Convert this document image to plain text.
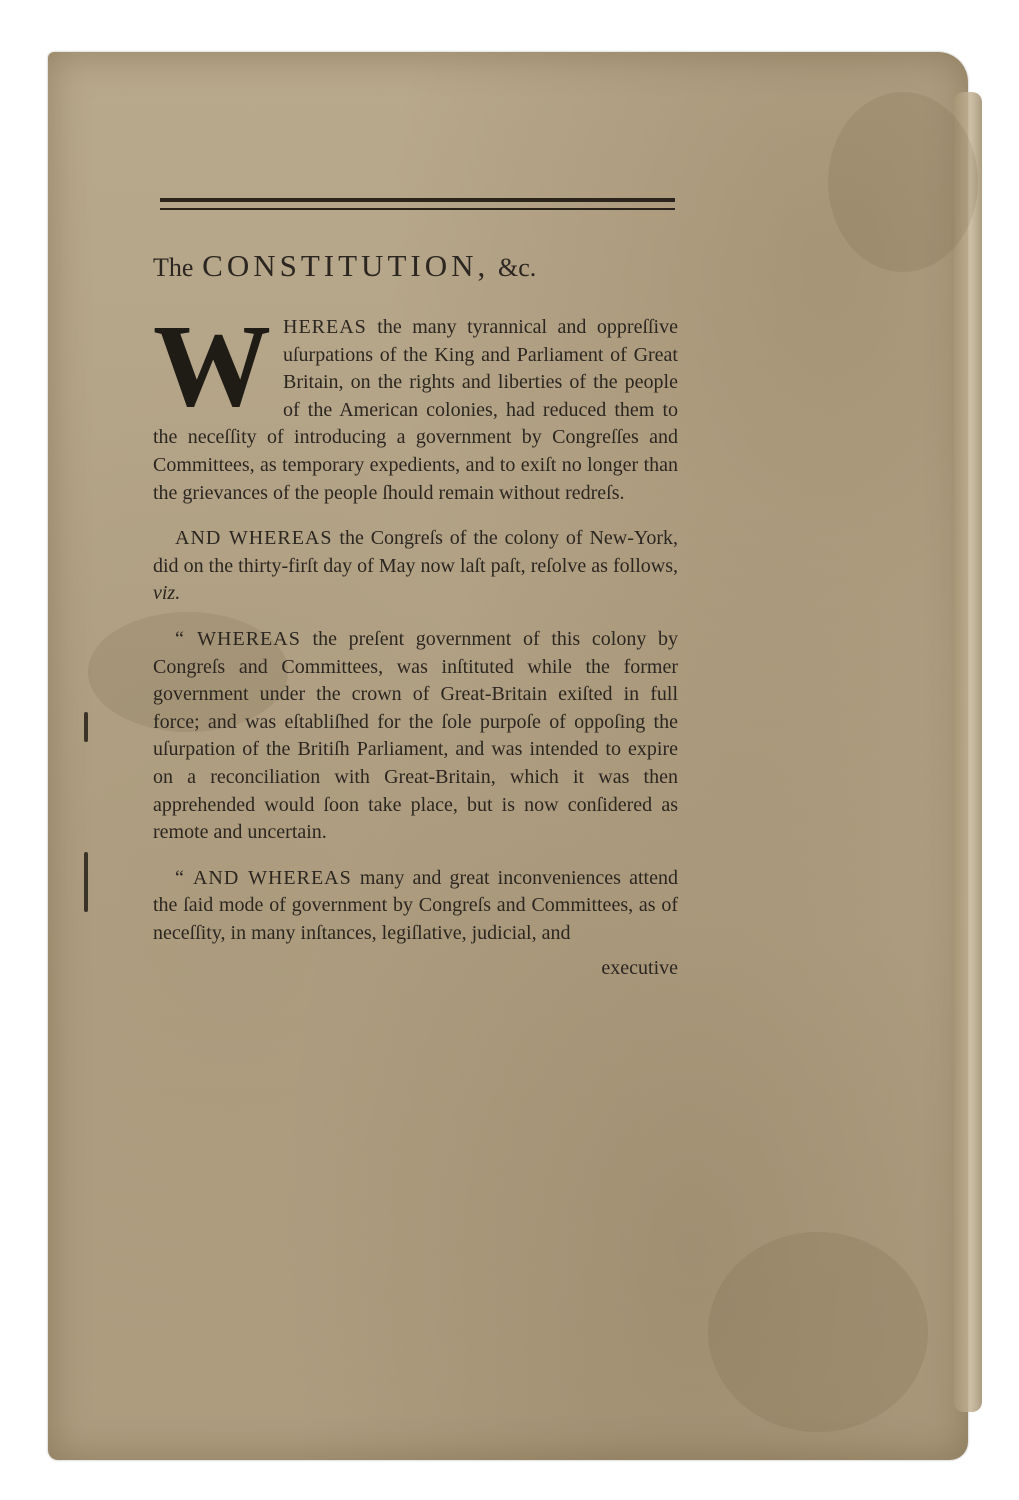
The CONSTITUTION, &c.

WHEREAS the many tyrannical and oppreſſive uſurpations of the King and Parliament of Great Britain, on the rights and liberties of the people of the American colonies, had reduced them to the neceſſity of introducing a government by Congreſſes and Committees, as temporary expedients, and to exiſt no longer than the grievances of the people ſhould remain without redreſs.

AND WHEREAS the Congreſs of the colony of New-York, did on the thirty-firſt day of May now laſt paſt, reſolve as follows, viz.

“ WHEREAS the preſent government of this colony by Congreſs and Committees, was inſtituted while the former government under the crown of Great-Britain exiſted in full force; and was eſtabliſhed for the ſole purpoſe of oppoſing the uſurpation of the Britiſh Parliament, and was intended to expire on a reconciliation with Great-Britain, which it was then apprehended would ſoon take place, but is now conſidered as remote and uncertain.

“ AND WHEREAS many and great inconveniences attend the ſaid mode of government by Congreſs and Committees, as of neceſſity, in many inſtances, legiſlative, judicial, and

executive
